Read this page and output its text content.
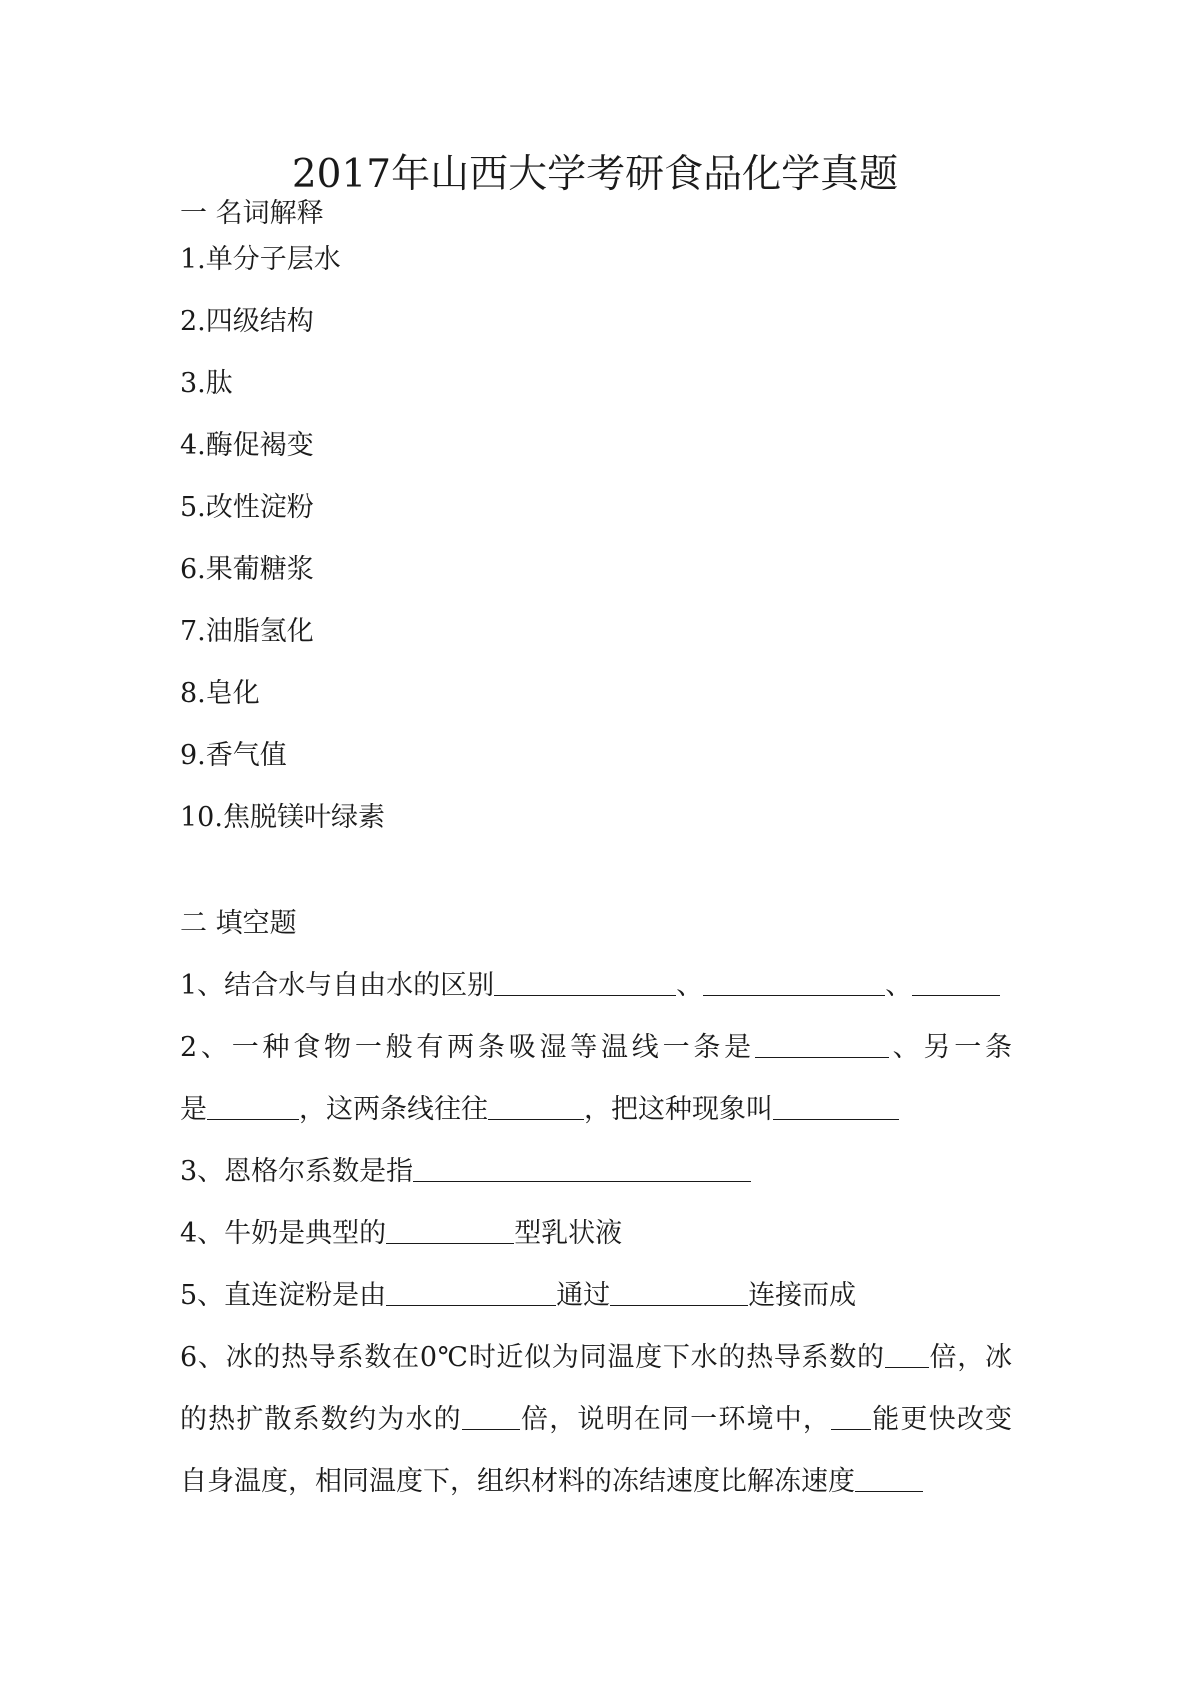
2017年山西大学考研食品化学真题
一 名词解释

1.单分子层水

2.四级结构

3.肽

4.酶促褐变

5.改性淀粉

6.果葡糖浆

7.油脂氢化

8.皂化

9.香气值

10.焦脱镁叶绿素

二 填空题

1、结合水与自由水的区别	、	、

2、一种食物一般有两条吸湿等温线一条是	、另一条

是	，这两条线往往	，把这种现象叫

3、恩格尔系数是指

4、牛奶是典型的	型乳状液

5、直连淀粉是由	通过	连接而成

6、冰的热导系数在0℃时近似为同温度下水的热导系数的 倍，冰

的热扩散系数约为水的 倍，说明在同一环境中， 能更快改变

自身温度，相同温度下，组织材料的冻结速度比解冻速度
